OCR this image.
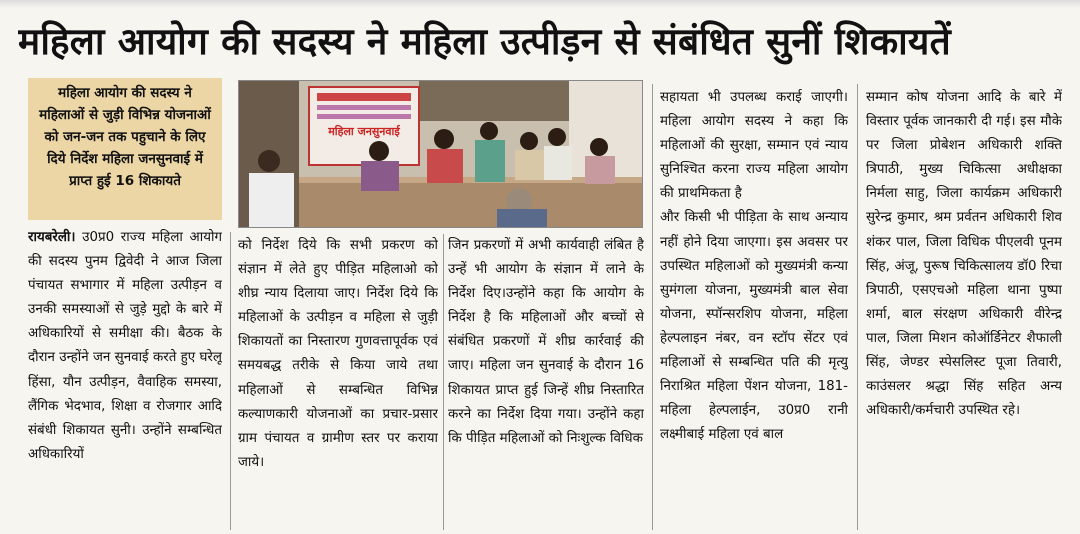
महिला आयोग की सदस्य ने महिला उत्पीड़न से संबंधित सुनीं शिकायतें
महिला आयोग की सदस्य ने महिलाओं से जुड़ी विभिन्न योजनाओं को जन-जन तक पहुचाने के लिए दिये निर्देश महिला जनसुनवाई में प्राप्त हुई 16 शिकायते
महिला जनसुनवाई

रायबरेली। उ0प्र0 राज्य महिला आयोग की सदस्य पुनम द्विवेदी ने आज जिला पंचायत सभागार में महिला उत्पीड़न व उनकी समस्याओं से जुड़े मुद्दो के बारे में अधिकारियों से समीक्षा की। बैठक के दौरान उन्होंने जन सुनवाई करते हुए घरेलू हिंसा, यौन उत्पीड़न, वैवाहिक समस्या, लैंगिक भेदभाव, शिक्षा व रोजगार आदि संबंधी शिकायत सुनी। उन्होंने सम्बन्धित अधिकारियों

को निर्देश दिये कि सभी प्रकरण को संज्ञान में लेते हुए पीड़ित महिलाओ को शीघ्र न्याय दिलाया जाए। निर्देश दिये कि महिलाओं के उत्पीड़न व महिला से जुड़ी शिकायतों का निस्तारण गुणवत्तापूर्वक एवं समयबद्ध तरीके से किया जाये तथा महिलाओं से सम्बन्धित विभिन्न कल्याणकारी योजनाओं का प्रचार-प्रसार ग्राम पंचायत व ग्रामीण स्तर पर कराया जाये।

जिन प्रकरणों में अभी कार्यवाही लंबित है उन्हें भी आयोग के संज्ञान में लाने के निर्देश दिए।उन्होंने कहा कि आयोग के निर्देश है कि महिलाओं और बच्चों से संबंधित प्रकरणों में शीघ्र कार्रवाई की जाए। महिला जन सुनवाई के दौरान 16 शिकायत प्राप्त हुई जिन्हें शीघ्र निस्तारित करने का निर्देश दिया गया। उन्होंने कहा कि पीड़ित महिलाओं को निःशुल्क विधिक

सहायता भी उपलब्ध कराई जाएगी। महिला आयोग सदस्य ने कहा कि महिलाओं की सुरक्षा, सम्मान एवं न्याय सुनिश्चित करना राज्य महिला आयोग की प्राथमिकता है

और किसी भी पीड़िता के साथ अन्याय नहीं होने दिया जाएगा। इस अवसर पर उपस्थित महिलाओं को मुख्यमंत्री कन्या सुमंगला योजना, मुख्यमंत्री बाल सेवा योजना, स्पॉन्सरशिप योजना, महिला हेल्पलाइन नंबर, वन स्टॉप सेंटर एवं महिलाओं से सम्बन्धित पति की मृत्यु निराश्रित महिला पेंशन योजना, 181-महिला हेल्पलाईन, उ0प्र0 रानी लक्ष्मीबाई महिला एवं बाल

सम्मान कोष योजना आदि के बारे में विस्तार पूर्वक जानकारी दी गई। इस मौके पर जिला प्रोबेशन अधिकारी शक्ति त्रिपाठी, मुख्य चिकित्सा अधीक्षका निर्मला साहु, जिला कार्यक्रम अधिकारी सुरेन्द्र कुमार, श्रम प्रर्वतन अधिकारी शिव शंकर पाल, जिला विधिक पीएलवी पूनम सिंह, अंजू, पुरूष चिकित्सालय डॉ0 रिचा त्रिपाठी, एसएचओ महिला थाना पुष्पा शर्मा, बाल संरक्षण अधिकारी वीरेन्द्र पाल, जिला मिशन कोऑर्डिनेटर शैफाली सिंह, जेण्डर स्पेसलिस्ट पूजा तिवारी, काउंसलर श्रद्धा सिंह सहित अन्य अधिकारी/कर्मचारी उपस्थित रहे।
